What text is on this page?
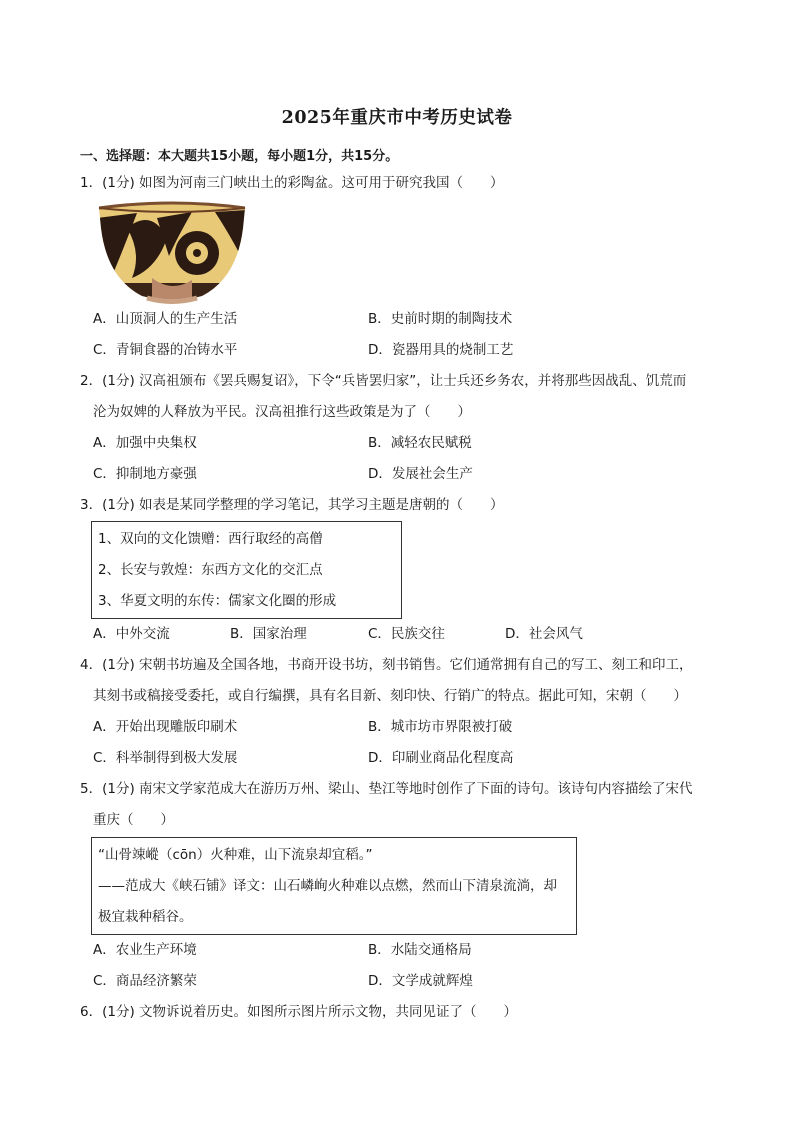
2025年重庆市中考历史试卷
一、选择题：本大题共15小题，每小题1分，共15分。
1．(1分) 如图为河南三门峡出土的彩陶盆。这可用于研究我国（　　）
A．山顶洞人的生产生活	B．史前时期的制陶技术
C．青铜食器的冶铸水平	D．瓷器用具的烧制工艺
2．(1分) 汉高祖颁布《罢兵赐复诏》，下令“兵皆罢归家”，让士兵还乡务农，并将那些因战乱、饥荒而
沦为奴婢的人释放为平民。汉高祖推行这些政策是为了（　　）
A．加强中央集权	B．减轻农民赋税
C．抑制地方豪强	D．发展社会生产
3．(1分) 如表是某同学整理的学习笔记，其学习主题是唐朝的（　　）
1、双向的文化馈赠：西行取经的高僧
2、长安与敦煌：东西方文化的交汇点
3、华夏文明的东传：儒家文化圈的形成
A．中外交流	B．国家治理	C．民族交往	D．社会风气
4．(1分) 宋朝书坊遍及全国各地，书商开设书坊，刻书销售。它们通常拥有自己的写工、刻工和印工，
其刻书或稿接受委托，或自行编撰，具有名目新、刻印快、行销广的特点。据此可知，宋朝（　　）
A．开始出现雕版印刷术	B．城市坊市界限被打破
C．科举制得到极大发展	D．印刷业商品化程度高
5．(1分) 南宋文学家范成大在游历万州、梁山、垫江等地时创作了下面的诗句。该诗句内容描绘了宋代
重庆（　　）
“山骨竦嵷（cōn）火种难，山下流泉却宜稻。”
——范成大《峡石铺》译文：山石嶙峋火种难以点燃，然而山下清泉流淌，却
极宜栽种稻谷。
A．农业生产环境	B．水陆交通格局
C．商品经济繁荣	D．文学成就辉煌
6．(1分) 文物诉说着历史。如图所示图片所示文物，共同见证了（　　）
